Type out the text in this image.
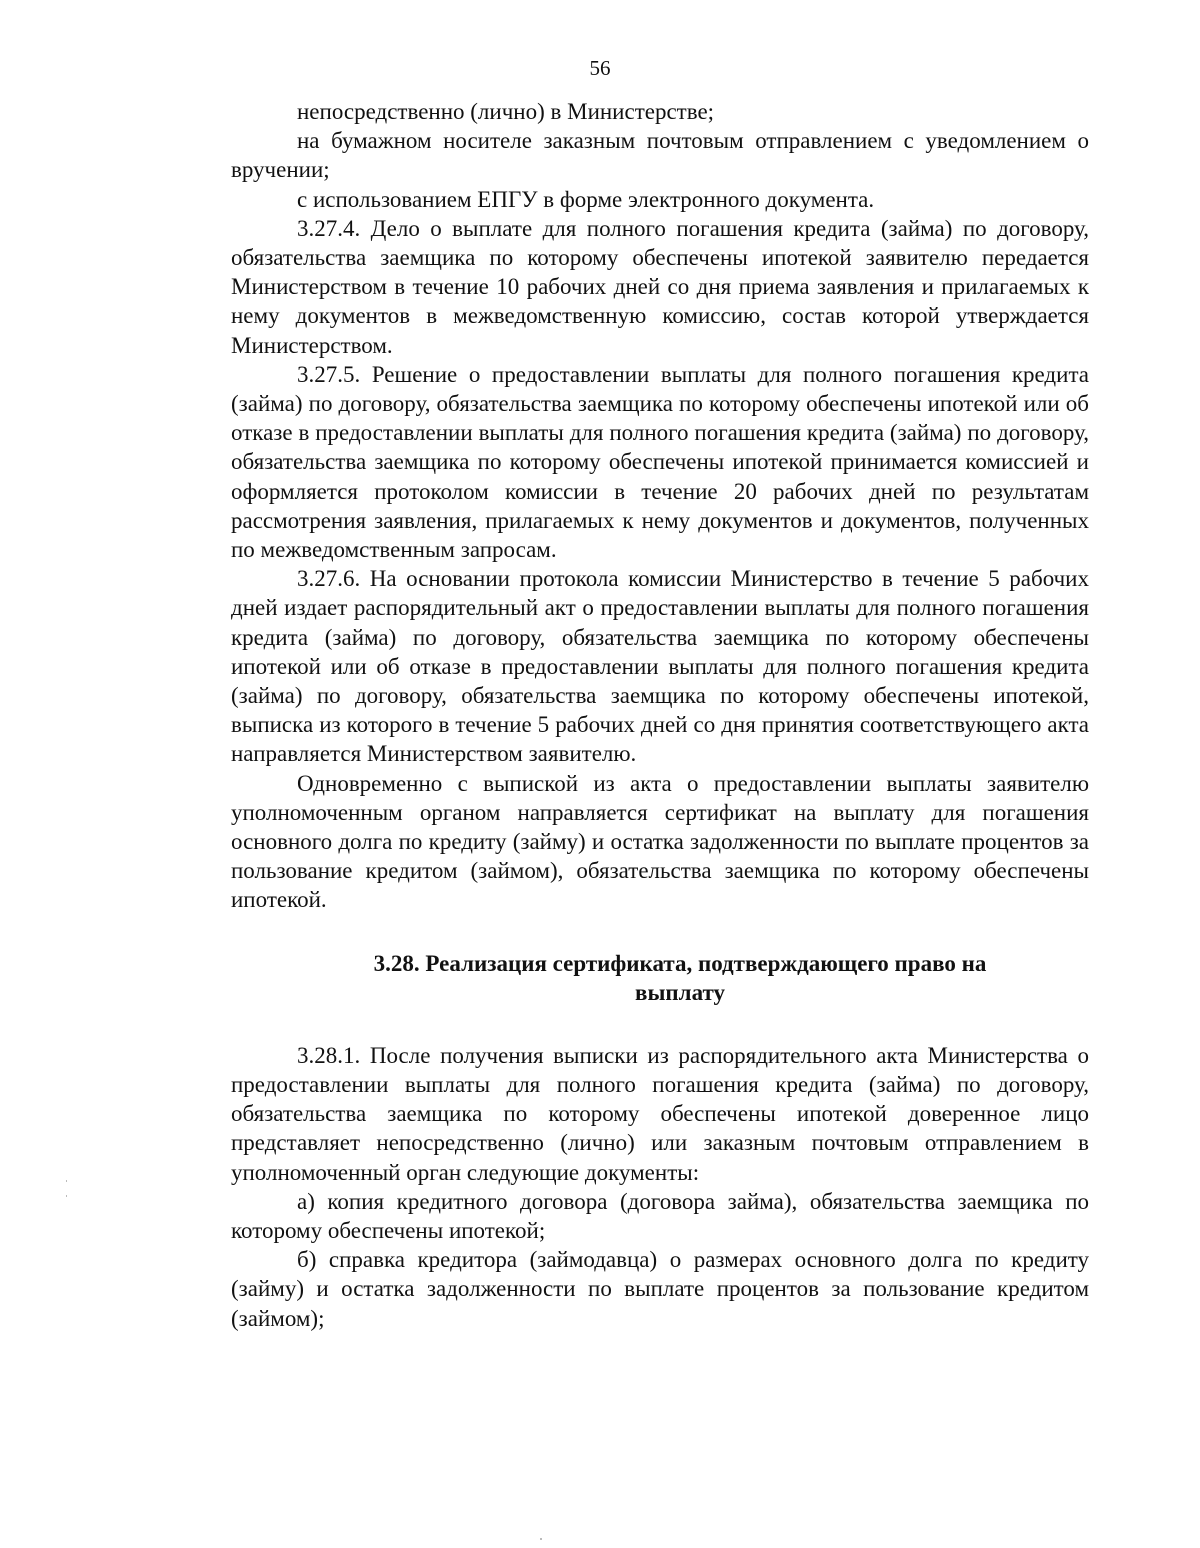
56

непосредственно (лично) в Министерстве;

на бумажном носителе заказным почтовым отправлением с уведомлением о вручении;

с использованием ЕПГУ в форме электронного документа.

3.27.4. Дело о выплате для полного погашения кредита (займа) по договору, обязательства заемщика по которому обеспечены ипотекой заявителю передается Министерством в течение 10 рабочих дней со дня приема заявления и прилагаемых к нему документов в межведомственную комиссию, состав которой утверждается Министерством.

3.27.5. Решение о предоставлении выплаты для полного погашения кредита (займа) по договору, обязательства заемщика по которому обеспечены ипотекой или об отказе в предоставлении выплаты для полного погашения кредита (займа) по договору, обязательства заемщика по которому обеспечены ипотекой принимается комиссией и оформляется протоколом комиссии в течение 20 рабочих дней по результатам рассмотрения заявления, прилагаемых к нему документов и документов, полученных по межведомственным запросам.

3.27.6. На основании протокола комиссии Министерство в течение 5 рабочих дней издает распорядительный акт о предоставлении выплаты для полного погашения кредита (займа) по договору, обязательства заемщика по которому обеспечены ипотекой или об отказе в предоставлении выплаты для полного погашения кредита (займа) по договору, обязательства заемщика по которому обеспечены ипотекой, выписка из которого в течение 5 рабочих дней со дня принятия соответствующего акта направляется Министерством заявителю.

Одновременно с выпиской из акта о предоставлении выплаты заявителю уполномоченным органом направляется сертификат на выплату для погашения основного долга по кредиту (займу) и остатка задолженности по выплате процентов за пользование кредитом (займом), обязательства заемщика по которому обеспечены ипотекой.

3.28. Реализация сертификата, подтверждающего право на
выплату

3.28.1. После получения выписки из распорядительного акта Министерства о предоставлении выплаты для полного погашения кредита (займа) по договору, обязательства заемщика по которому обеспечены ипотекой доверенное лицо представляет непосредственно (лично) или заказным почтовым отправлением в уполномоченный орган следующие документы:

а) копия кредитного договора (договора займа), обязательства заемщика по которому обеспечены ипотекой;

б) справка кредитора (займодавца) о размерах основного долга по кредиту (займу) и остатка задолженности по выплате процентов за пользование кредитом (займом);
